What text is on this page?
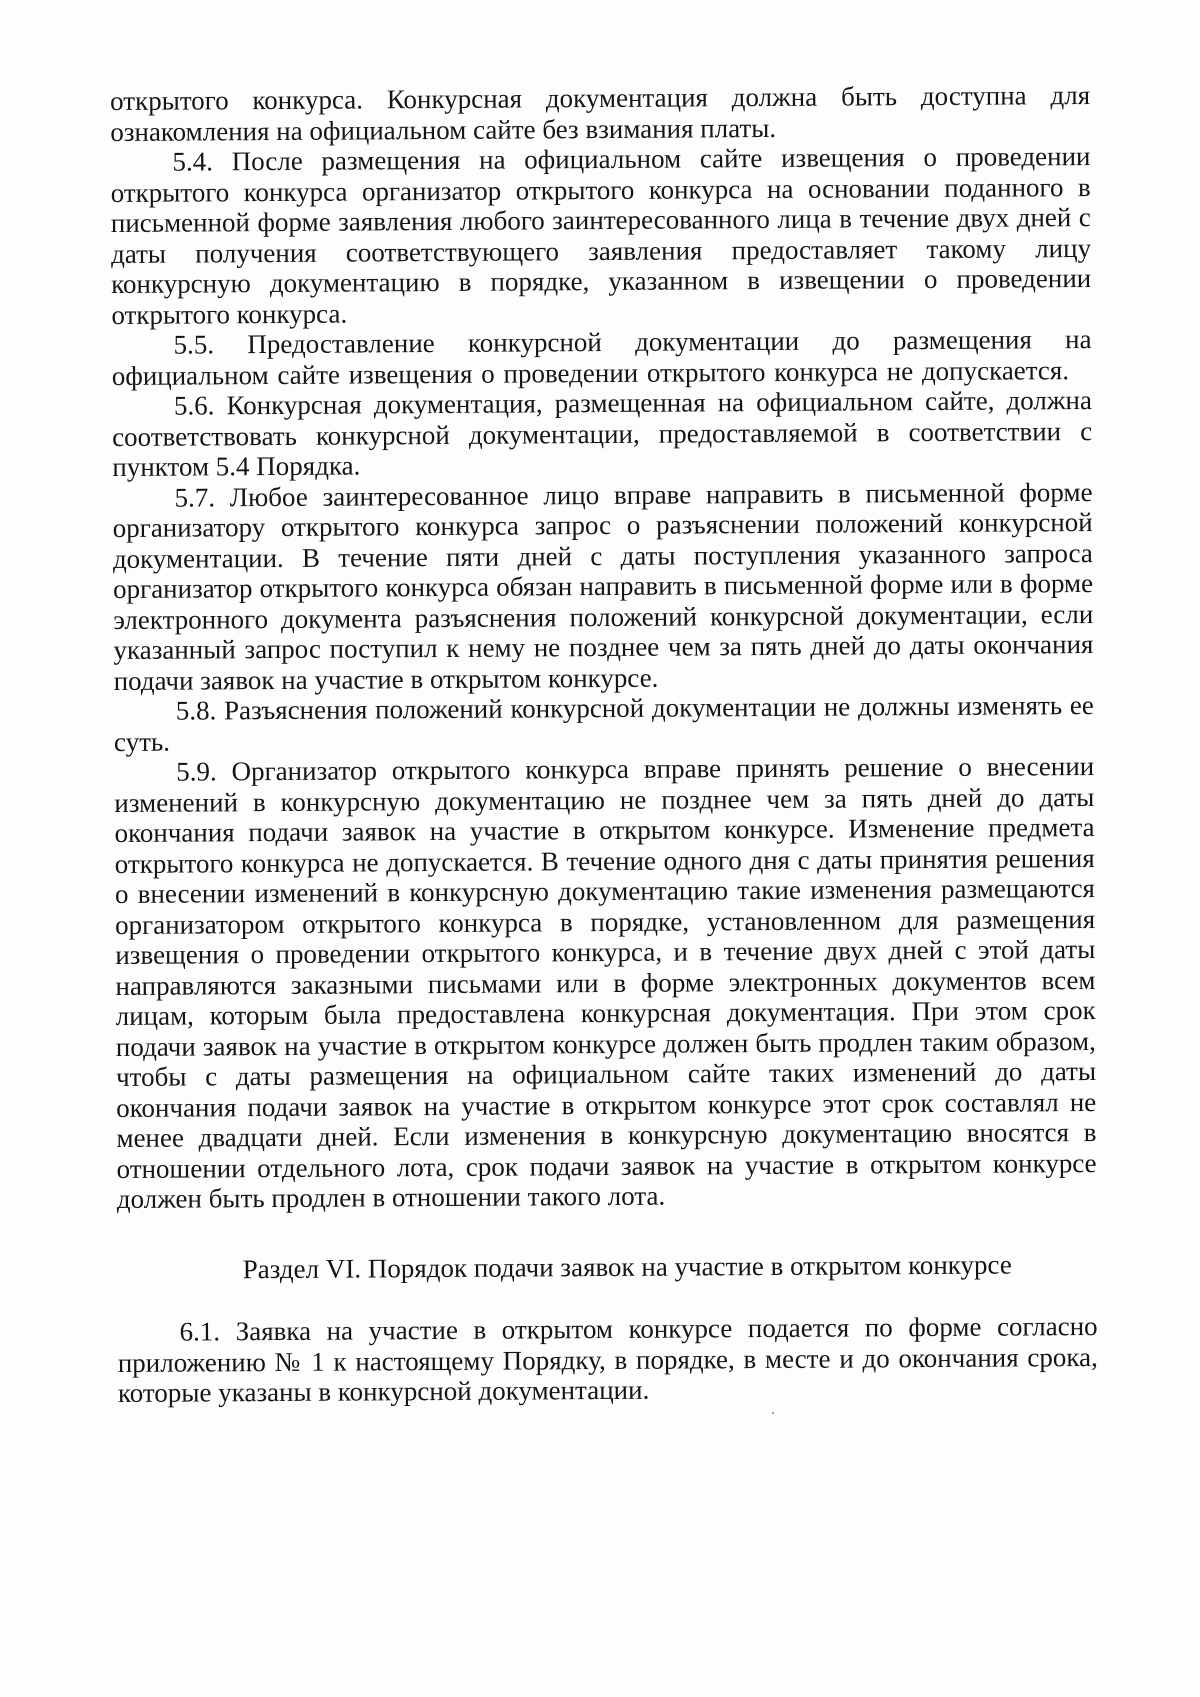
открытого конкурса. Конкурсная документация должна быть доступна для ознакомления на официальном сайте без взимания платы.

5.4. После размещения на официальном сайте извещения о проведении открытого конкурса организатор открытого конкурса на основании поданного в письменной форме заявления любого заинтересованного лица в течение двух дней с даты получения соответствующего заявления предоставляет такому лицу конкурсную документацию в порядке, указанном в извещении о проведении открытого конкурса.

5.5. Предоставление конкурсной документации до размещения на официальном сайте извещения о проведении открытого конкурса не допускается.

5.6. Конкурсная документация, размещенная на официальном сайте, должна соответствовать конкурсной документации, предоставляемой в соответствии с пунктом 5.4 Порядка.

5.7. Любое заинтересованное лицо вправе направить в письменной форме организатору открытого конкурса запрос о разъяснении положений конкурсной документации. В течение пяти дней с даты поступления указанного запроса организатор открытого конкурса обязан направить в письменной форме или в форме электронного документа разъяснения положений конкурсной документации, если указанный запрос поступил к нему не позднее чем за пять дней до даты окончания подачи заявок на участие в открытом конкурсе.

5.8. Разъяснения положений конкурсной документации не должны изменять ее суть.

5.9. Организатор открытого конкурса вправе принять решение о внесении изменений в конкурсную документацию не позднее чем за пять дней до даты окончания подачи заявок на участие в открытом конкурсе. Изменение предмета открытого конкурса не допускается. В течение одного дня с даты принятия решения о внесении изменений в конкурсную документацию такие изменения размещаются организатором открытого конкурса в порядке, установленном для размещения извещения о проведении открытого конкурса, и в течение двух дней с этой даты направляются заказными письмами или в форме электронных документов всем лицам, которым была предоставлена конкурсная документация. При этом срок подачи заявок на участие в открытом конкурсе должен быть продлен таким образом, чтобы с даты размещения на официальном сайте таких изменений до даты окончания подачи заявок на участие в открытом конкурсе этот срок составлял не менее двадцати дней. Если изменения в конкурсную документацию вносятся в отношении отдельного лота, срок подачи заявок на участие в открытом конкурсе должен быть продлен в отношении такого лота.

Раздел VI. Порядок подачи заявок на участие в открытом конкурсе

6.1. Заявка на участие в открытом конкурсе подается по форме согласно приложению № 1 к настоящему Порядку, в порядке, в месте и до окончания срока, которые указаны в конкурсной документации.
